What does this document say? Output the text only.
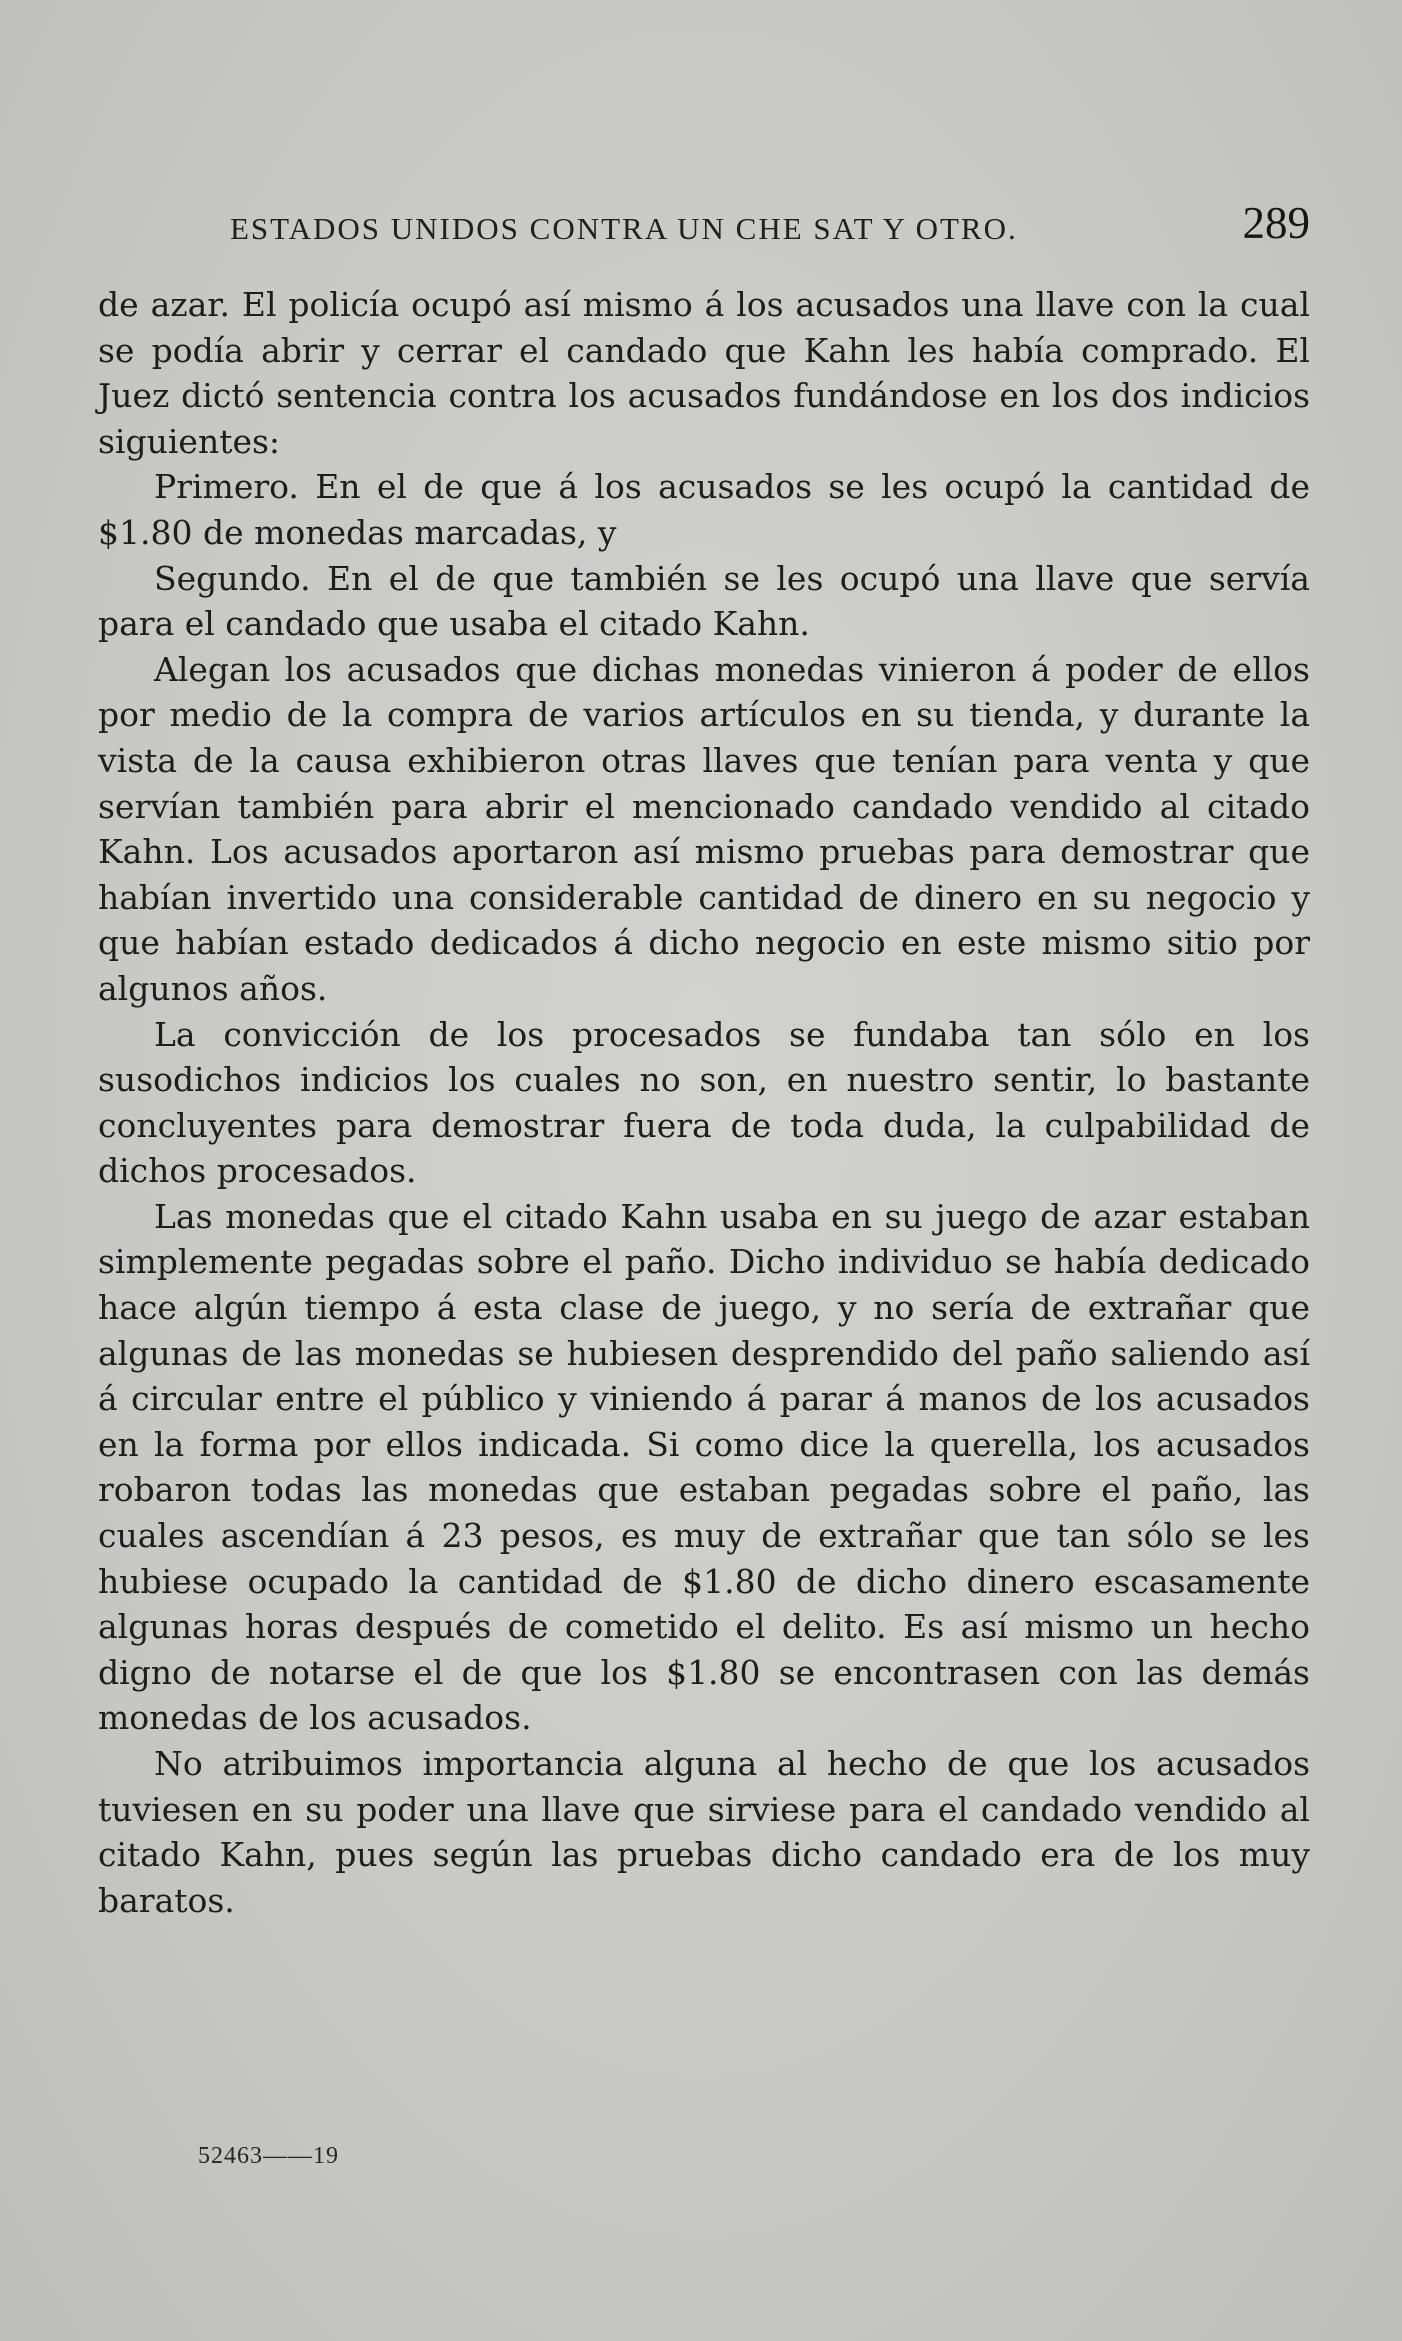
ESTADOS UNIDOS CONTRA UN CHE SAT Y OTRO.	289

de azar. El policía ocupó así mismo á los acusados una llave con la cual se podía abrir y cerrar el candado que Kahn les había comprado. El Juez dictó sentencia contra los acusados fundándose en los dos indicios siguientes:

Primero. En el de que á los acusados se les ocupó la cantidad de $1.80 de monedas marcadas, y

Segundo. En el de que también se les ocupó una llave que servía para el candado que usaba el citado Kahn.

Alegan los acusados que dichas monedas vinieron á poder de ellos por medio de la compra de varios artículos en su tienda, y durante la vista de la causa exhibieron otras llaves que tenían para venta y que servían también para abrir el mencionado candado vendido al citado Kahn. Los acusados aportaron así mismo pruebas para demostrar que habían invertido una considerable cantidad de dinero en su negocio y que habían estado dedicados á dicho negocio en este mismo sitio por algunos años.

La convicción de los procesados se fundaba tan sólo en los susodichos indicios los cuales no son, en nuestro sentir, lo bastante concluyentes para demostrar fuera de toda duda, la culpabilidad de dichos procesados.

Las monedas que el citado Kahn usaba en su juego de azar estaban simplemente pegadas sobre el paño. Dicho individuo se había dedicado hace algún tiempo á esta clase de juego, y no sería de extrañar que algunas de las monedas se hubiesen desprendido del paño saliendo así á circular entre el público y viniendo á parar á manos de los acusados en la forma por ellos indicada. Si como dice la querella, los acusados robaron todas las monedas que estaban pegadas sobre el paño, las cuales ascendían á 23 pesos, es muy de extrañar que tan sólo se les hubiese ocupado la cantidad de $1.80 de dicho dinero escasamente algunas horas después de cometido el delito. Es así mismo un hecho digno de notarse el de que los $1.80 se encontrasen con las demás monedas de los acusados.

No atribuimos importancia alguna al hecho de que los acusados tuviesen en su poder una llave que sirviese para el candado vendido al citado Kahn, pues según las pruebas dicho candado era de los muy baratos.

52463——19
